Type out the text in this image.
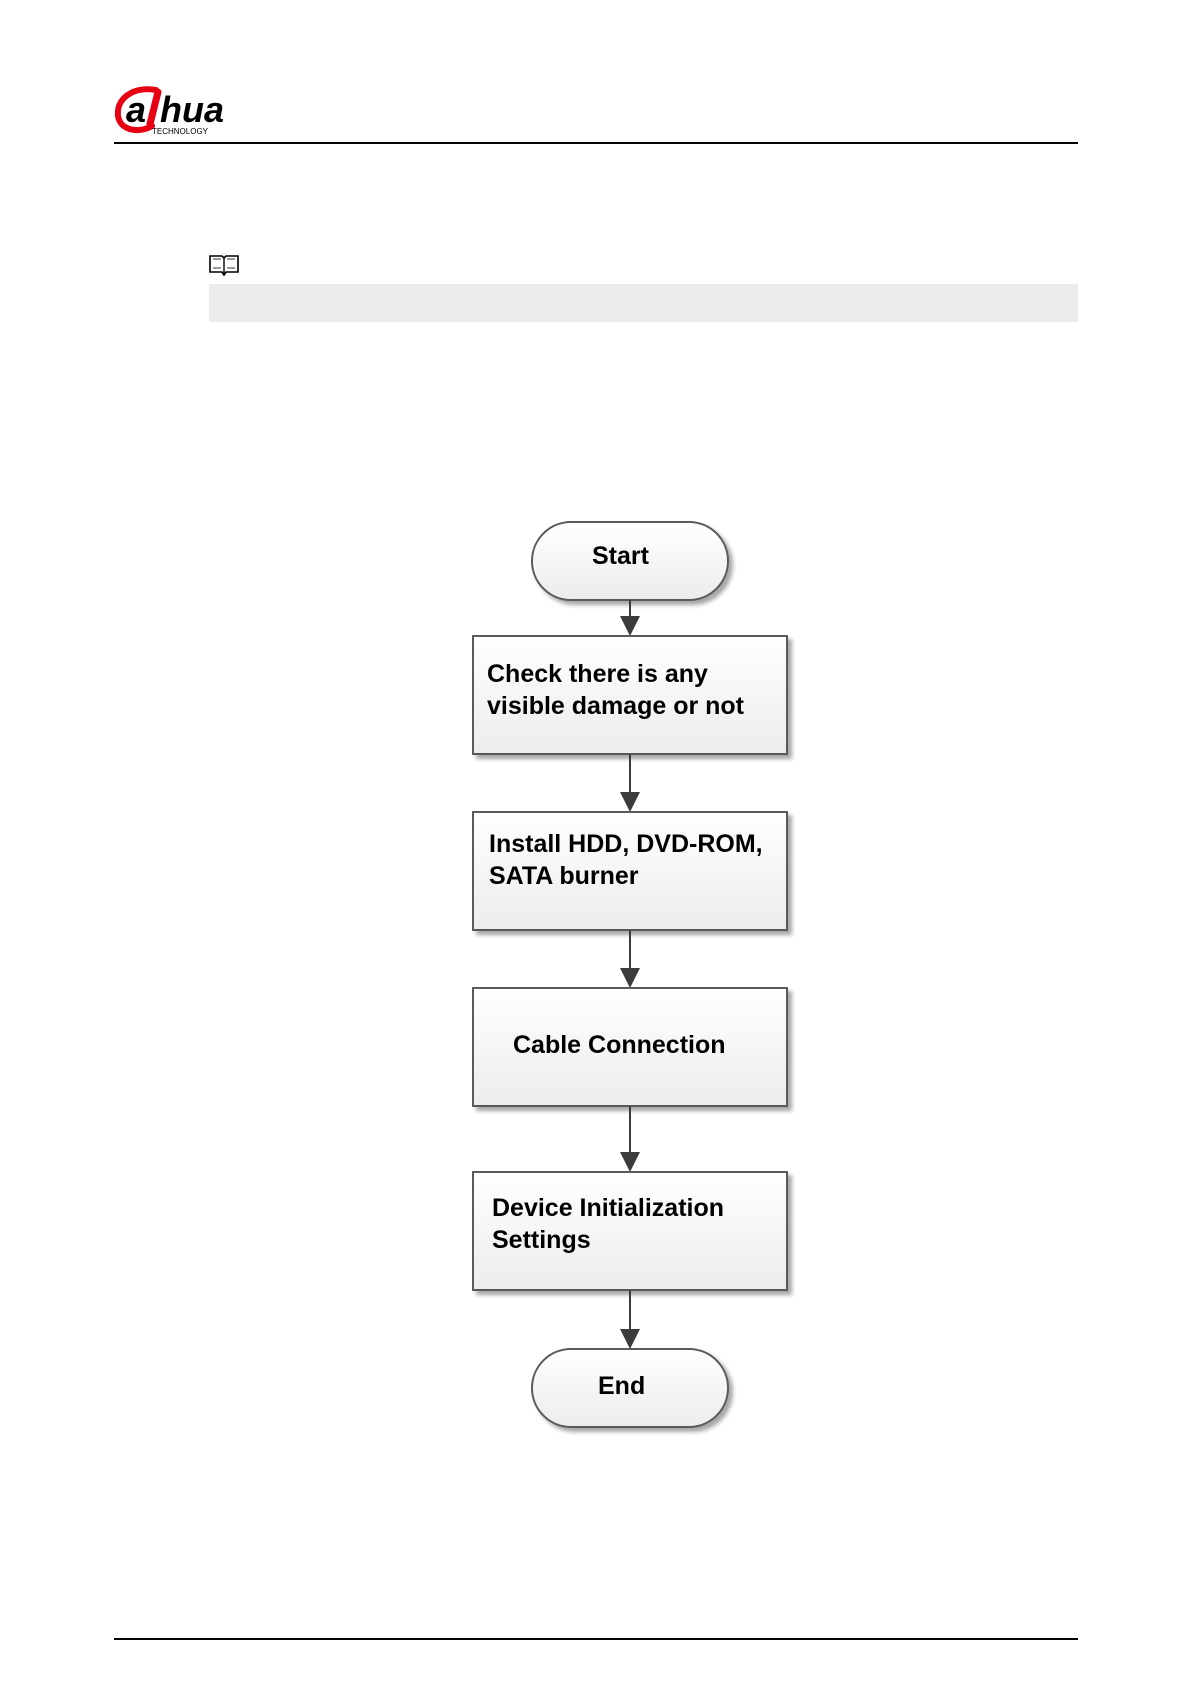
a hua
TECHNOLOGY
Start
Check there is any
visible damage or not
Install HDD, DVD-ROM,
SATA burner
Cable Connection
Device Initialization
Settings
End
